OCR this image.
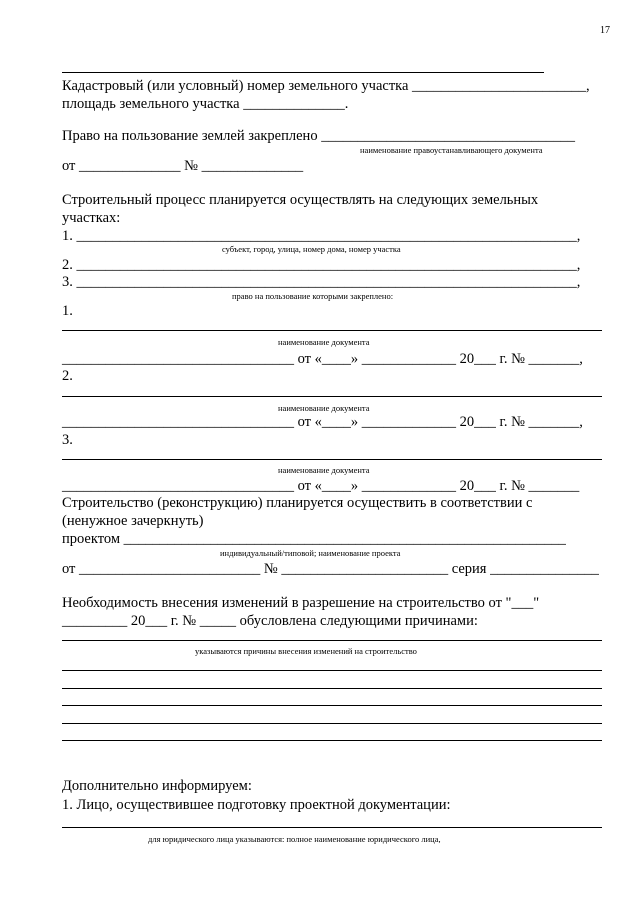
17
Кадастровый (или условный) номер земельного участка ________________________,
площадь земельного участка ______________.
Право на пользование землей закреплено ___________________________________
наименование правоустанавливающего документа
от ______________ № ______________
Строительный процесс планируется осуществлять на следующих земельных
участках:
1. _____________________________________________________________________,
субъект, город, улица, номер дома, номер участка
2. _____________________________________________________________________,
3. _____________________________________________________________________,
право на пользование которыми закреплено:
1.
наименование документа
________________________________ от «____» _____________ 20___ г. № _______,
2.
наименование документа
________________________________ от «____» _____________ 20___ г. № _______,
3.
наименование документа
________________________________ от «____» _____________ 20___ г. № _______
Строительство (реконструкцию) планируется осуществить в соответствии с
(ненужное зачеркнуть)
проектом _____________________________________________________________
индивидуальный/типовой; наименование проекта
от _________________________ № _______________________ серия _______________
Необходимость внесения изменений в разрешение на строительство от "___"
_________ 20___ г. № _____ обусловлена следующими причинами:
указываются причины внесения изменений на строительство
Дополнительно информируем:
1. Лицо, осуществившее подготовку проектной документации:
для юридического лица указываются: полное наименование юридического лица,
